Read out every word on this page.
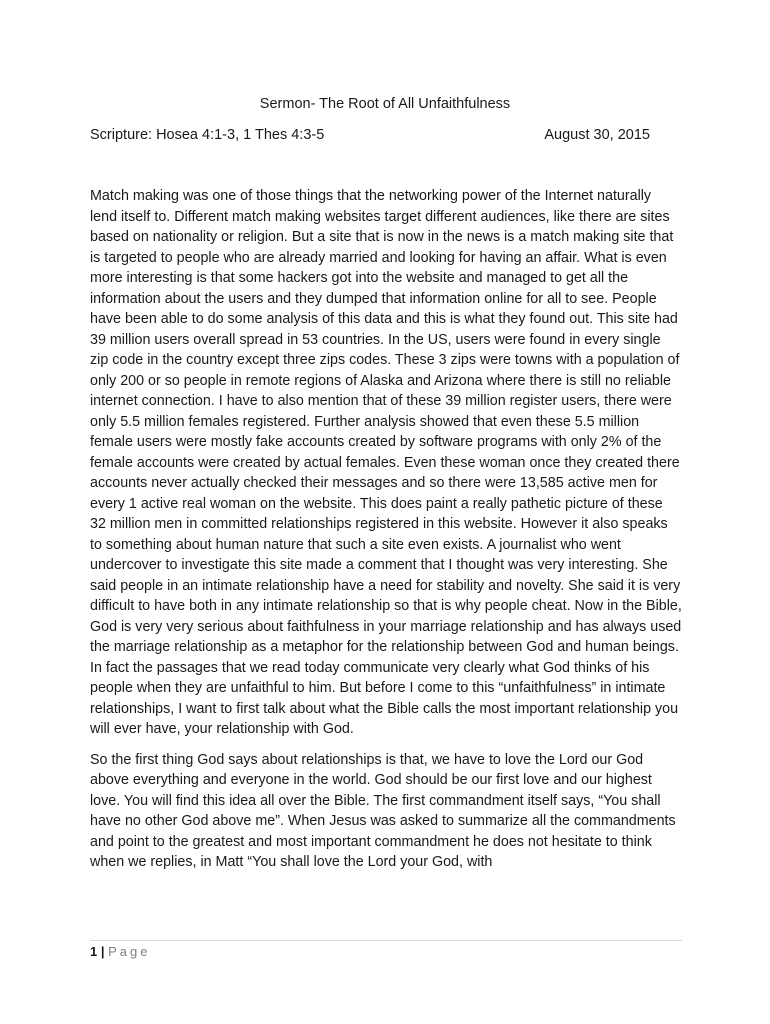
Sermon- The Root of All Unfaithfulness
Scripture: Hosea 4:1-3, 1 Thes 4:3-5	August 30, 2015

Match making was one of those things that the networking power of the Internet naturally lend itself to. Different match making websites target different audiences, like there are sites based on nationality or religion. But a site that is now in the news is a match making site that is targeted to people who are already married and looking for having an affair. What is even more interesting is that some hackers got into the website and managed to get all the information about the users and they dumped that information online for all to see. People have been able to do some analysis of this data and this is what they found out. This site had 39 million users overall spread in 53 countries. In the US, users were found in every single zip code in the country except three zips codes. These 3 zips were towns with a population of only 200 or so people in remote regions of Alaska and Arizona where there is still no reliable internet connection. I have to also mention that of these 39 million register users, there were only 5.5 million females registered. Further analysis showed that even these 5.5 million female users were mostly fake accounts created by software programs with only 2% of the female accounts were created by actual females. Even these woman once they created there accounts never actually checked their messages and so there were 13,585 active men for every 1 active real woman on the website. This does paint a really pathetic picture of these 32 million men in committed relationships registered in this website. However it also speaks to something about human nature that such a site even exists. A journalist who went undercover to investigate this site made a comment that I thought was very interesting. She said people in an intimate relationship have a need for stability and novelty. She said it is very difficult to have both in any intimate relationship so that is why people cheat. Now in the Bible, God is very very serious about faithfulness in your marriage relationship and has always used the marriage relationship as a metaphor for the relationship between God and human beings. In fact the passages that we read today communicate very clearly what God thinks of his people when they are unfaithful to him. But before I come to this “unfaithfulness” in intimate relationships, I want to first talk about what the Bible calls the most important relationship you will ever have, your relationship with God.

So the first thing God says about relationships is that, we have to love the Lord our God above everything and everyone in the world. God should be our first love and our highest love. You will find this idea all over the Bible. The first commandment itself says, “You shall have no other God above me”. When Jesus was asked to summarize all the commandments and point to the greatest and most important commandment he does not hesitate to think when we replies, in Matt “You shall love the Lord your God, with

1 | Page
